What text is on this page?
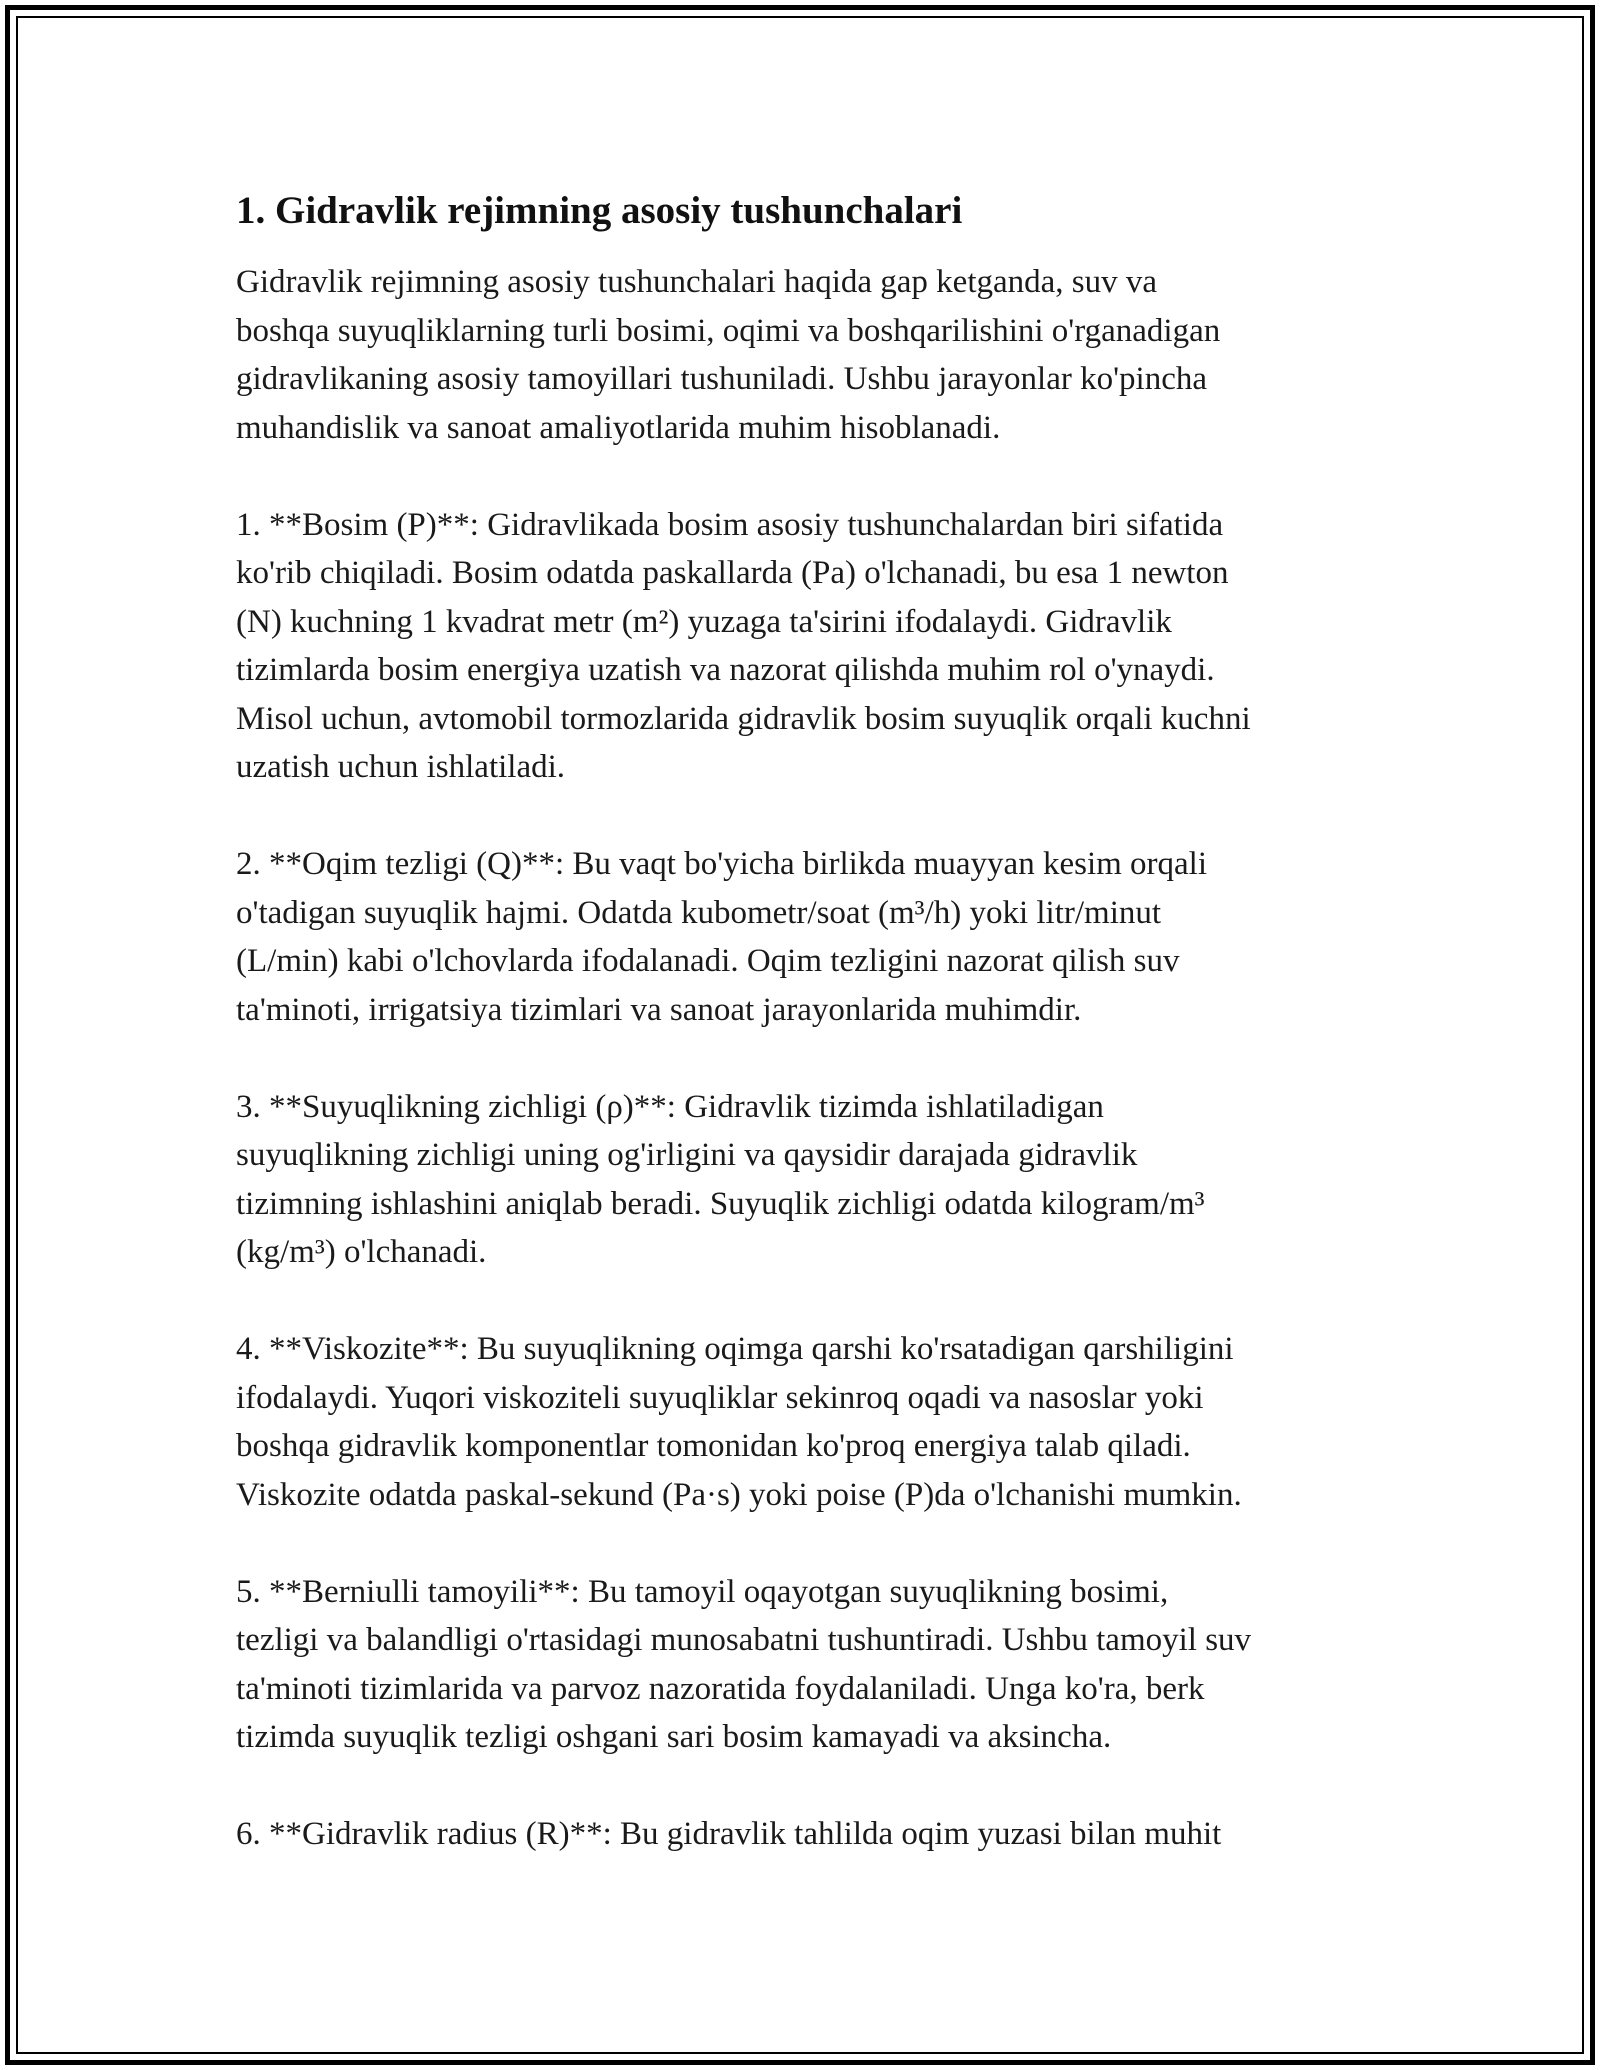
1. Gidravlik rejimning asosiy tushunchalari

Gidravlik rejimning asosiy tushunchalari haqida gap ketganda, suv va
boshqa suyuqliklarning turli bosimi, oqimi va boshqarilishini o'rganadigan
gidravlikaning asosiy tamoyillari tushuniladi. Ushbu jarayonlar ko'pincha
muhandislik va sanoat amaliyotlarida muhim hisoblanadi.

1. **Bosim (P)**: Gidravlikada bosim asosiy tushunchalardan biri sifatida
ko'rib chiqiladi. Bosim odatda paskallarda (Pa) o'lchanadi, bu esa 1 newton
(N) kuchning 1 kvadrat metr (m²) yuzaga ta'sirini ifodalaydi. Gidravlik
tizimlarda bosim energiya uzatish va nazorat qilishda muhim rol o'ynaydi.
Misol uchun, avtomobil tormozlarida gidravlik bosim suyuqlik orqali kuchni
uzatish uchun ishlatiladi.

2. **Oqim tezligi (Q)**: Bu vaqt bo'yicha birlikda muayyan kesim orqali
o'tadigan suyuqlik hajmi. Odatda kubometr/soat (m³/h) yoki litr/minut
(L/min) kabi o'lchovlarda ifodalanadi. Oqim tezligini nazorat qilish suv
ta'minoti, irrigatsiya tizimlari va sanoat jarayonlarida muhimdir.

3. **Suyuqlikning zichligi (ρ)**: Gidravlik tizimda ishlatiladigan
suyuqlikning zichligi uning og'irligini va qaysidir darajada gidravlik
tizimning ishlashini aniqlab beradi. Suyuqlik zichligi odatda kilogram/m³
(kg/m³) o'lchanadi.

4. **Viskozite**: Bu suyuqlikning oqimga qarshi ko'rsatadigan qarshiligini
ifodalaydi. Yuqori viskoziteli suyuqliklar sekinroq oqadi va nasoslar yoki
boshqa gidravlik komponentlar tomonidan ko'proq energiya talab qiladi.
Viskozite odatda paskal-sekund (Pa·s) yoki poise (P)da o'lchanishi mumkin.

5. **Berniulli tamoyili**: Bu tamoyil oqayotgan suyuqlikning bosimi,
tezligi va balandligi o'rtasidagi munosabatni tushuntiradi. Ushbu tamoyil suv
ta'minoti tizimlarida va parvoz nazoratida foydalaniladi. Unga ko'ra, berk
tizimda suyuqlik tezligi oshgani sari bosim kamayadi va aksincha.

6. **Gidravlik radius (R)**: Bu gidravlik tahlilda oqim yuzasi bilan muhit
